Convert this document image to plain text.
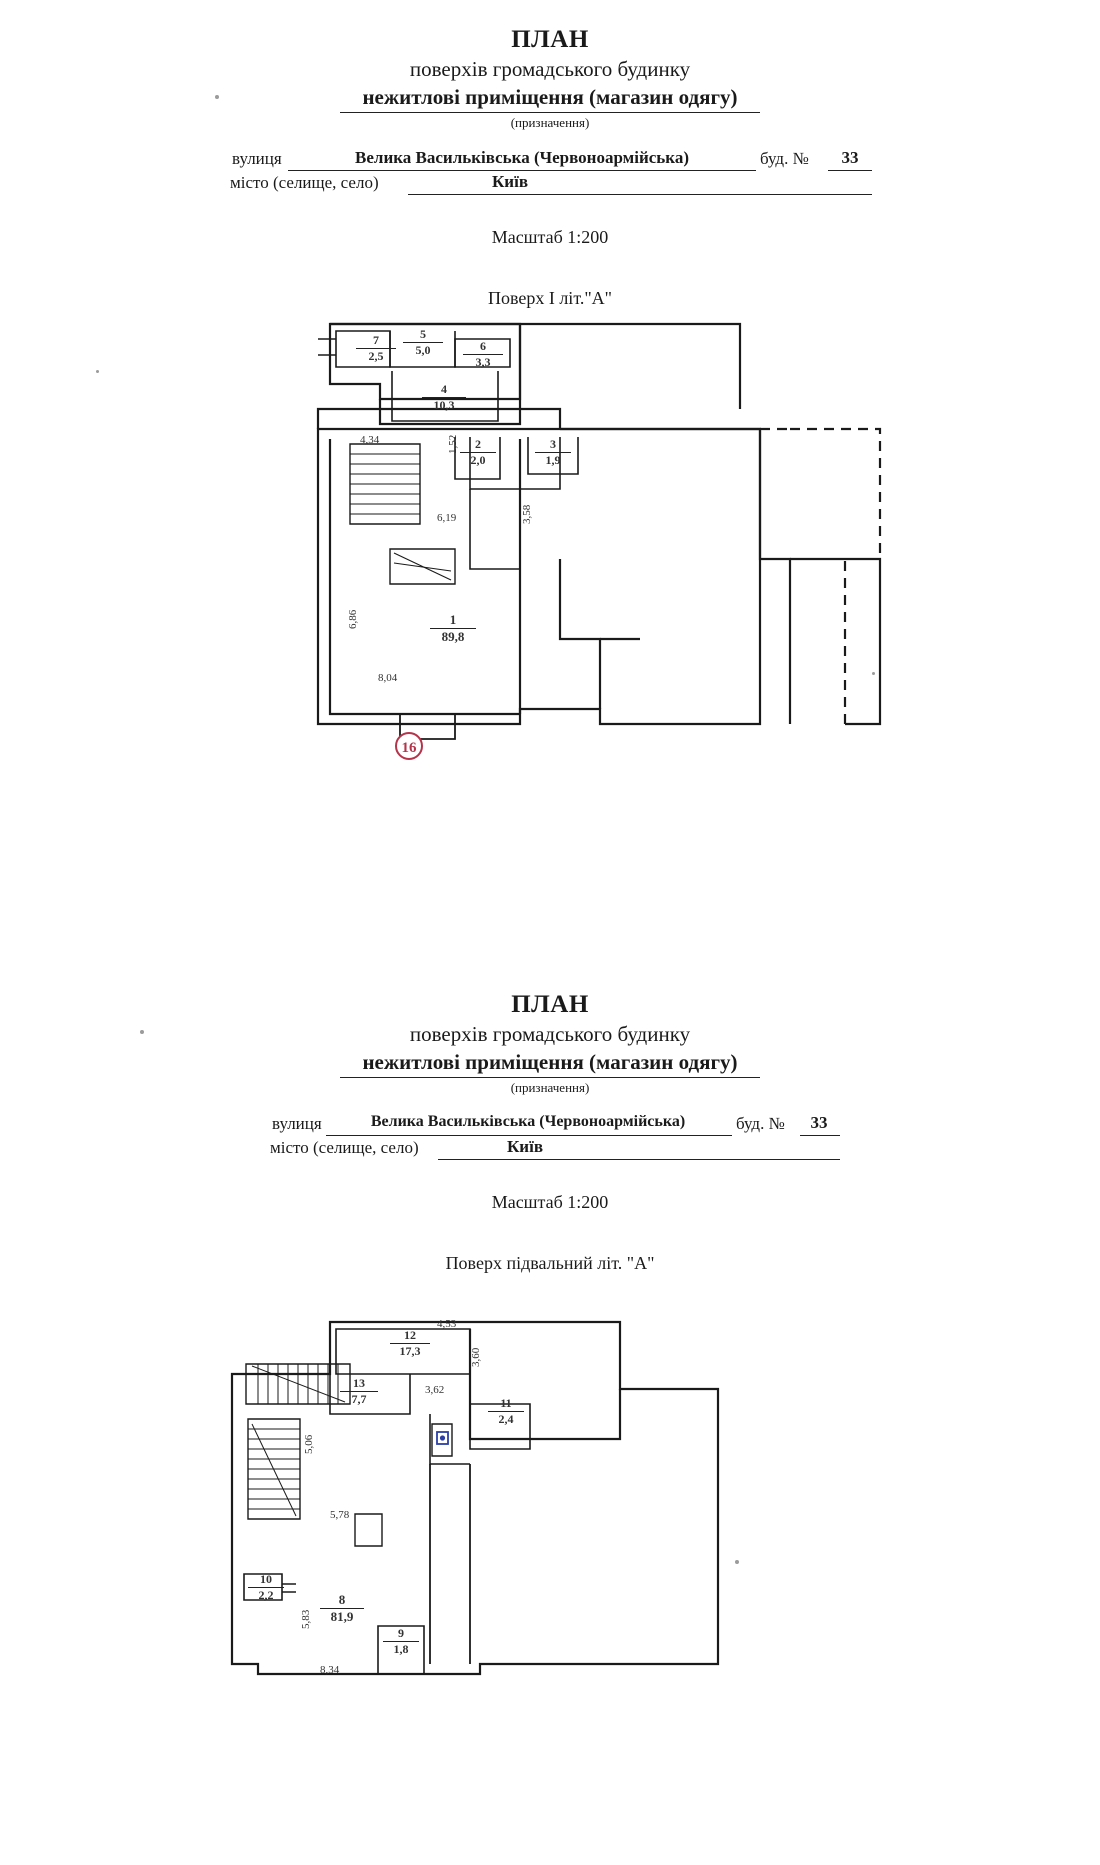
ПЛАН

поверхів громадського будинку

нежитлові приміщення (магазин одягу)

(призначення)

вулиця	Велика Васильківська (Червоноармійська)	буд. №	33
місто (селище, село)	Київ
Масштаб 1:200
Поверх I літ."А"
16
7
2,5
5
5,0	6
3,3
4
10,3
2
2,0
3
1,9
1
89,8
4,34	1,52
3,58
6,19
6,86
8,04

ПЛАН

поверхів громадського будинку

нежитлові приміщення (магазин одягу)

(призначення)

вулиця	Велика Васильківська (Червоноармійська)	буд. №	33
місто (селище, село)	Київ
Масштаб 1:200
Поверх підвальний літ. "А"
12
17,3
13
7,7	11
2,4
10
2,2	8
81,9
9
1,8
4,53
3,60
3,62
5,06
5,78
5,83
8,34
